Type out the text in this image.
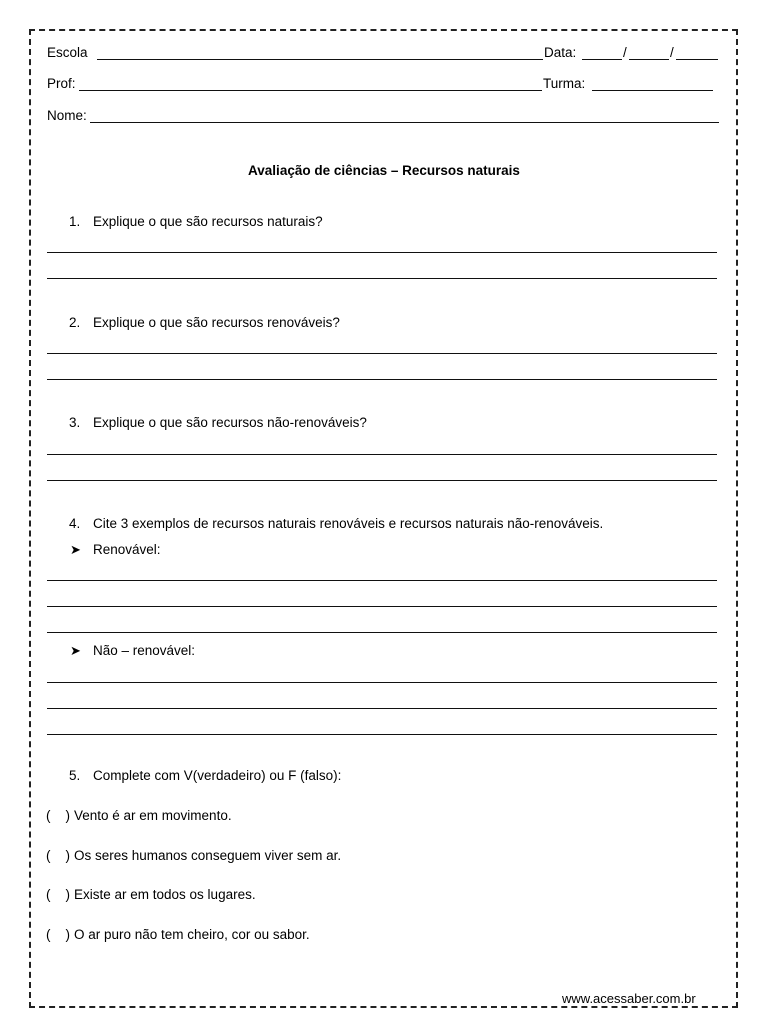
Escola	Data:	/	/
Prof:	Turma:
Nome:
Avaliação de ciências – Recursos naturais
1. Explique o que são recursos naturais?
2. Explique o que são recursos renováveis?
3. Explique o que são recursos não-renováveis?
4. Cite 3 exemplos de recursos naturais renováveis e recursos naturais não-renováveis.
➤ Renovável:
➤ Não – renovável:
5. Complete com V(verdadeiro) ou F (falso):
(    ) Vento é ar em movimento.
(    ) Os seres humanos conseguem viver sem ar.
(    ) Existe ar em todos os lugares.
(    ) O ar puro não tem cheiro, cor ou sabor.
www.acessaber.com.br
